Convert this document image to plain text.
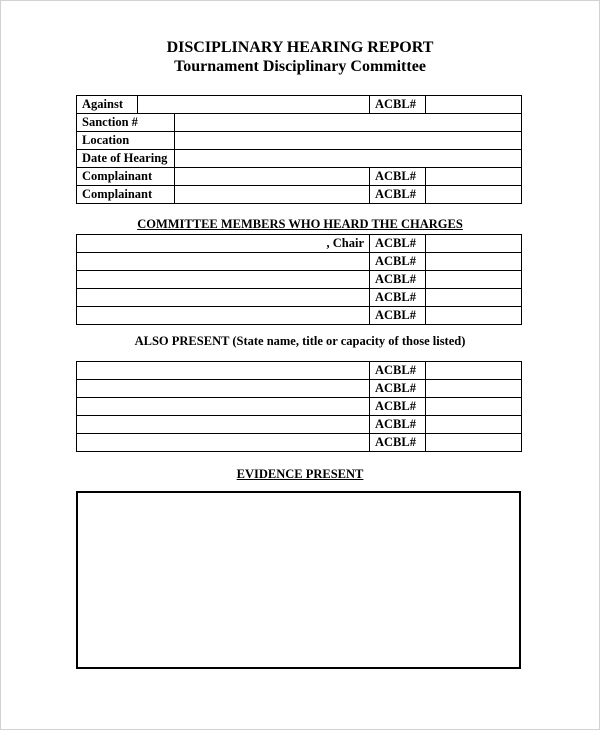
DISCIPLINARY HEARING REPORT
Tournament Disciplinary Committee
Against			ACBL#	
Sanction #				
Location				
Date of Hearing				
Complainant			ACBL#	
Complainant			ACBL#	
COMMITTEE MEMBERS WHO HEARD THE CHARGES
, Chair	ACBL#	
	ACBL#	
	ACBL#	
	ACBL#	
	ACBL#	
ALSO PRESENT (State name, title or capacity of those listed)
	ACBL#	
	ACBL#	
	ACBL#	
	ACBL#	
	ACBL#	
EVIDENCE PRESENT
